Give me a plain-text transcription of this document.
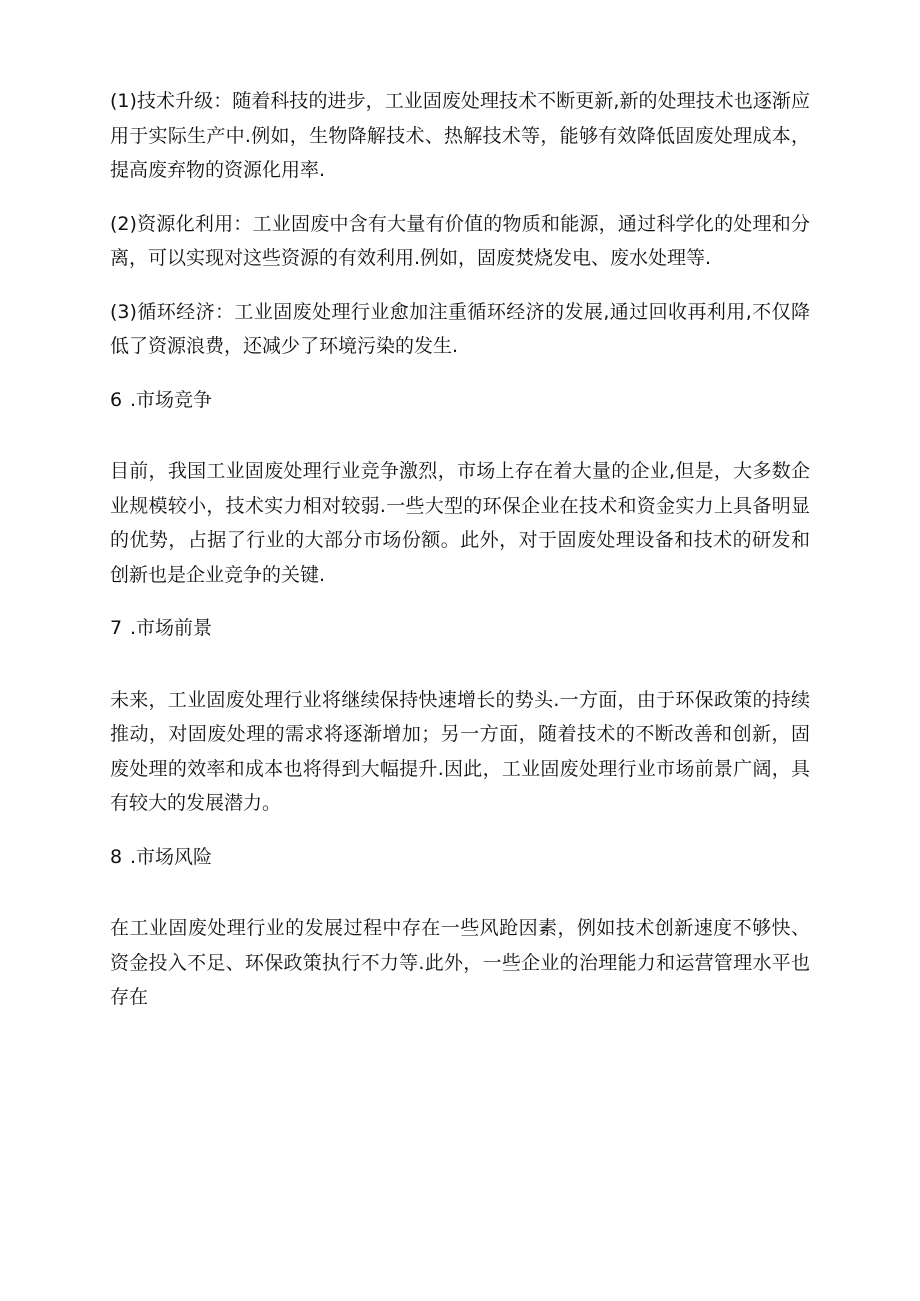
(1)技术升级：随着科技的进步，工业固废处理技术不断更新,新的处理技术也逐渐应用于实际生产中.例如，生物降解技术、热解技术等，能够有效降低固废处理成本，提高废弃物的资源化用率.

(2)资源化利用：工业固废中含有大量有价值的物质和能源，通过科学化的处理和分离，可以实现对这些资源的有效利用.例如，固废焚烧发电、废水处理等.

(3)循环经济：工业固废处理行业愈加注重循环经济的发展,通过回收再利用,不仅降低了资源浪费，还减少了环境污染的发生.

6 .市场竞争

目前，我国工业固废处理行业竞争激烈，市场上存在着大量的企业,但是，大多数企业规模较小，技术实力相对较弱.一些大型的环保企业在技术和资金实力上具备明显的优势，占据了行业的大部分市场份额。此外，对于固废处理设备和技术的研发和创新也是企业竞争的关键.

7 .市场前景

未来，工业固废处理行业将继续保持快速增长的势头.一方面，由于环保政策的持续推动，对固废处理的需求将逐渐增加；另一方面，随着技术的不断改善和创新，固废处理的效率和成本也将得到大幅提升.因此，工业固废处理行业市场前景广阔，具有较大的发展潜力。

8 .市场风险

在工业固废处理行业的发展过程中存在一些风跄因素，例如技术创新速度不够快、资金投入不足、环保政策执行不力等.此外，一些企业的治理能力和运营管理水平也存在
